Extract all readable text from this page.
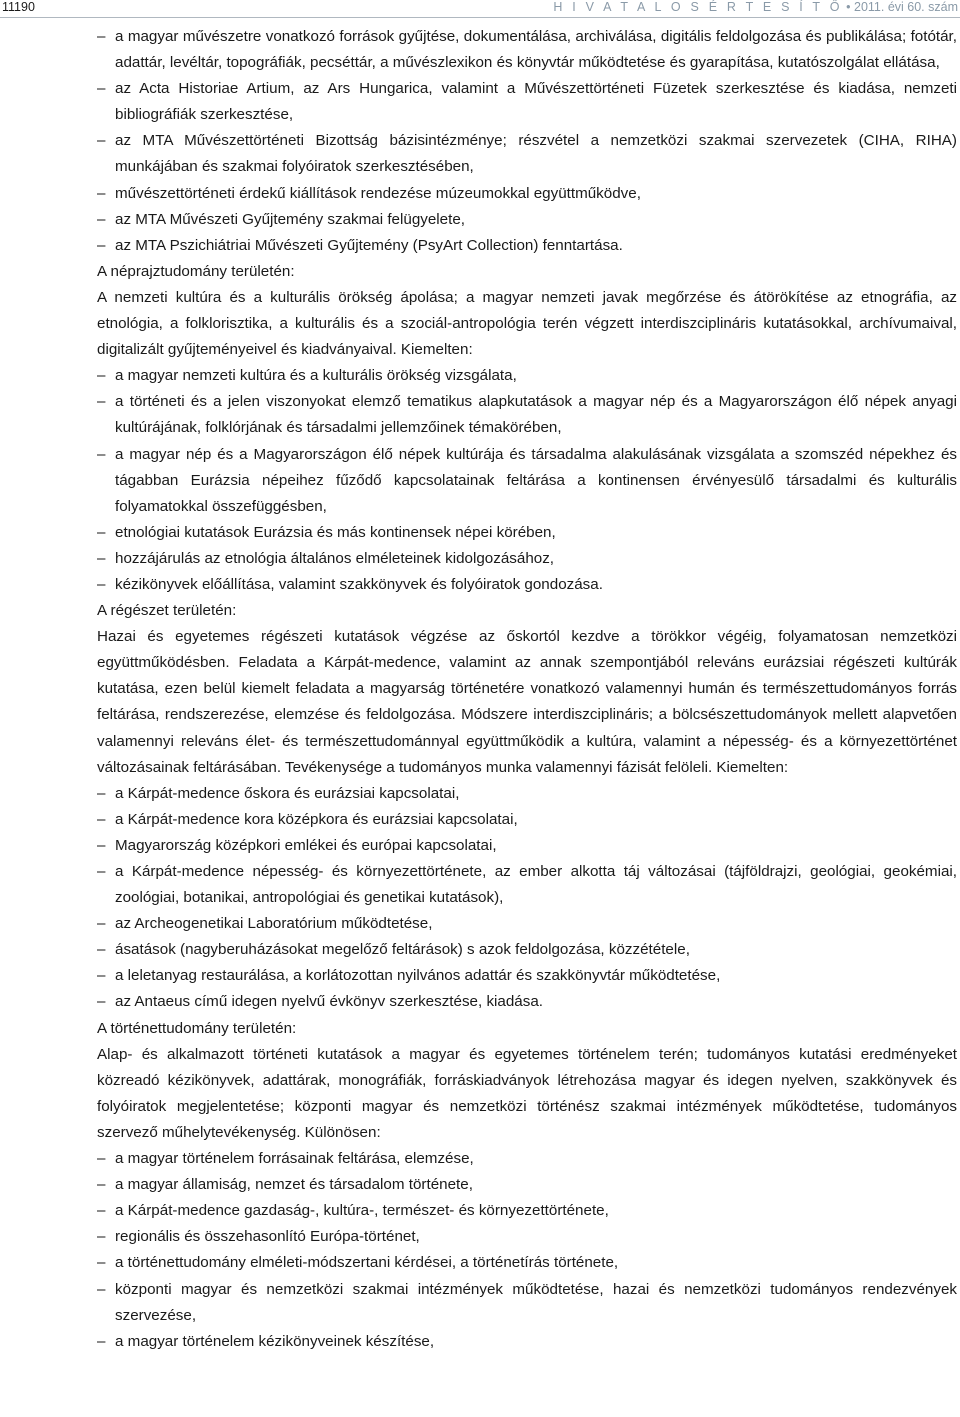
11190	H I V A T A L O S É R T E S Í T Ő • 2011. évi 60. szám

– a magyar művészetre vonatkozó források gyűjtése, dokumentálása, archiválása, digitális feldolgozása és publikálása; fotótár, adattár, levéltár, topográfiák, pecséttár, a művészlexikon és könyvtár működtetése és gyarapítása, kutatószolgálat ellátása,

– az Acta Historiae Artium, az Ars Hungarica, valamint a Művészettörténeti Füzetek szerkesztése és kiadása, nemzeti bibliográfiák szerkesztése,

– az MTA Művészettörténeti Bizottság bázisintézménye; részvétel a nemzetközi szakmai szervezetek (CIHA, RIHA) munkájában és szakmai folyóiratok szerkesztésében,

– művészettörténeti érdekű kiállítások rendezése múzeumokkal együttműködve,

– az MTA Művészeti Gyűjtemény szakmai felügyelete,

– az MTA Pszichiátriai Művészeti Gyűjtemény (PsyArt Collection) fenntartása.

A néprajztudomány területén:

A nemzeti kultúra és a kulturális örökség ápolása; a magyar nemzeti javak megőrzése és átörökítése az etnográfia, az etnológia, a folklorisztika, a kulturális és a szociál-antropológia terén végzett interdiszciplináris kutatásokkal, archívumaival, digitalizált gyűjteményeivel és kiadványaival. Kiemelten:

– a magyar nemzeti kultúra és a kulturális örökség vizsgálata,

– a történeti és a jelen viszonyokat elemző tematikus alapkutatások a magyar nép és a Magyarországon élő népek anyagi kultúrájának, folklórjának és társadalmi jellemzőinek témakörében,

– a magyar nép és a Magyarországon élő népek kultúrája és társadalma alakulásának vizsgálata a szomszéd népekhez és tágabban Eurázsia népeihez fűződő kapcsolatainak feltárása a kontinensen érvényesülő társadalmi és kulturális folyamatokkal összefüggésben,

– etnológiai kutatások Eurázsia és más kontinensek népei körében,

– hozzájárulás az etnológia általános elméleteinek kidolgozásához,

– kézikönyvek előállítása, valamint szakkönyvek és folyóiratok gondozása.

A régészet területén:

Hazai és egyetemes régészeti kutatások végzése az őskortól kezdve a törökkor végéig, folyamatosan nemzetközi együttműködésben. Feladata a Kárpát-medence, valamint az annak szempontjából releváns eurázsiai régészeti kultúrák kutatása, ezen belül kiemelt feladata a magyarság történetére vonatkozó valamennyi humán és természettudományos forrás feltárása, rendszerezése, elemzése és feldolgozása. Módszere interdiszciplináris; a bölcsészettudományok mellett alapvetően valamennyi releváns élet- és természettudománnyal együttműködik a kultúra, valamint a népesség- és a környezettörténet változásainak feltárásában. Tevékenysége a tudományos munka valamennyi fázisát felöleli. Kiemelten:

– a Kárpát-medence őskora és eurázsiai kapcsolatai,

– a Kárpát-medence kora középkora és eurázsiai kapcsolatai,

– Magyarország középkori emlékei és európai kapcsolatai,

– a Kárpát-medence népesség- és környezettörténete, az ember alkotta táj változásai (tájföldrajzi, geológiai, geokémiai, zoológiai, botanikai, antropológiai és genetikai kutatások),

– az Archeogenetikai Laboratórium működtetése,

– ásatások (nagyberuházásokat megelőző feltárások) s azok feldolgozása, közzététele,

– a leletanyag restaurálása, a korlátozottan nyilvános adattár és szakkönyvtár működtetése,

– az Antaeus című idegen nyelvű évkönyv szerkesztése, kiadása.

A történettudomány területén:

Alap- és alkalmazott történeti kutatások a magyar és egyetemes történelem terén; tudományos kutatási eredményeket közreadó kézikönyvek, adattárak, monográfiák, forráskiadványok létrehozása magyar és idegen nyelven, szakkönyvek és folyóiratok megjelentetése; központi magyar és nemzetközi történész szakmai intézmények működtetése, tudományos szervező műhelytevékenység. Különösen:

– a magyar történelem forrásainak feltárása, elemzése,

– a magyar államiság, nemzet és társadalom története,

– a Kárpát-medence gazdaság-, kultúra-, természet- és környezettörténete,

– regionális és összehasonlító Európa-történet,

– a történettudomány elméleti-módszertani kérdései, a történetírás története,

– központi magyar és nemzetközi szakmai intézmények működtetése, hazai és nemzetközi tudományos rendezvények szervezése,

– a magyar történelem kézikönyveinek készítése,
